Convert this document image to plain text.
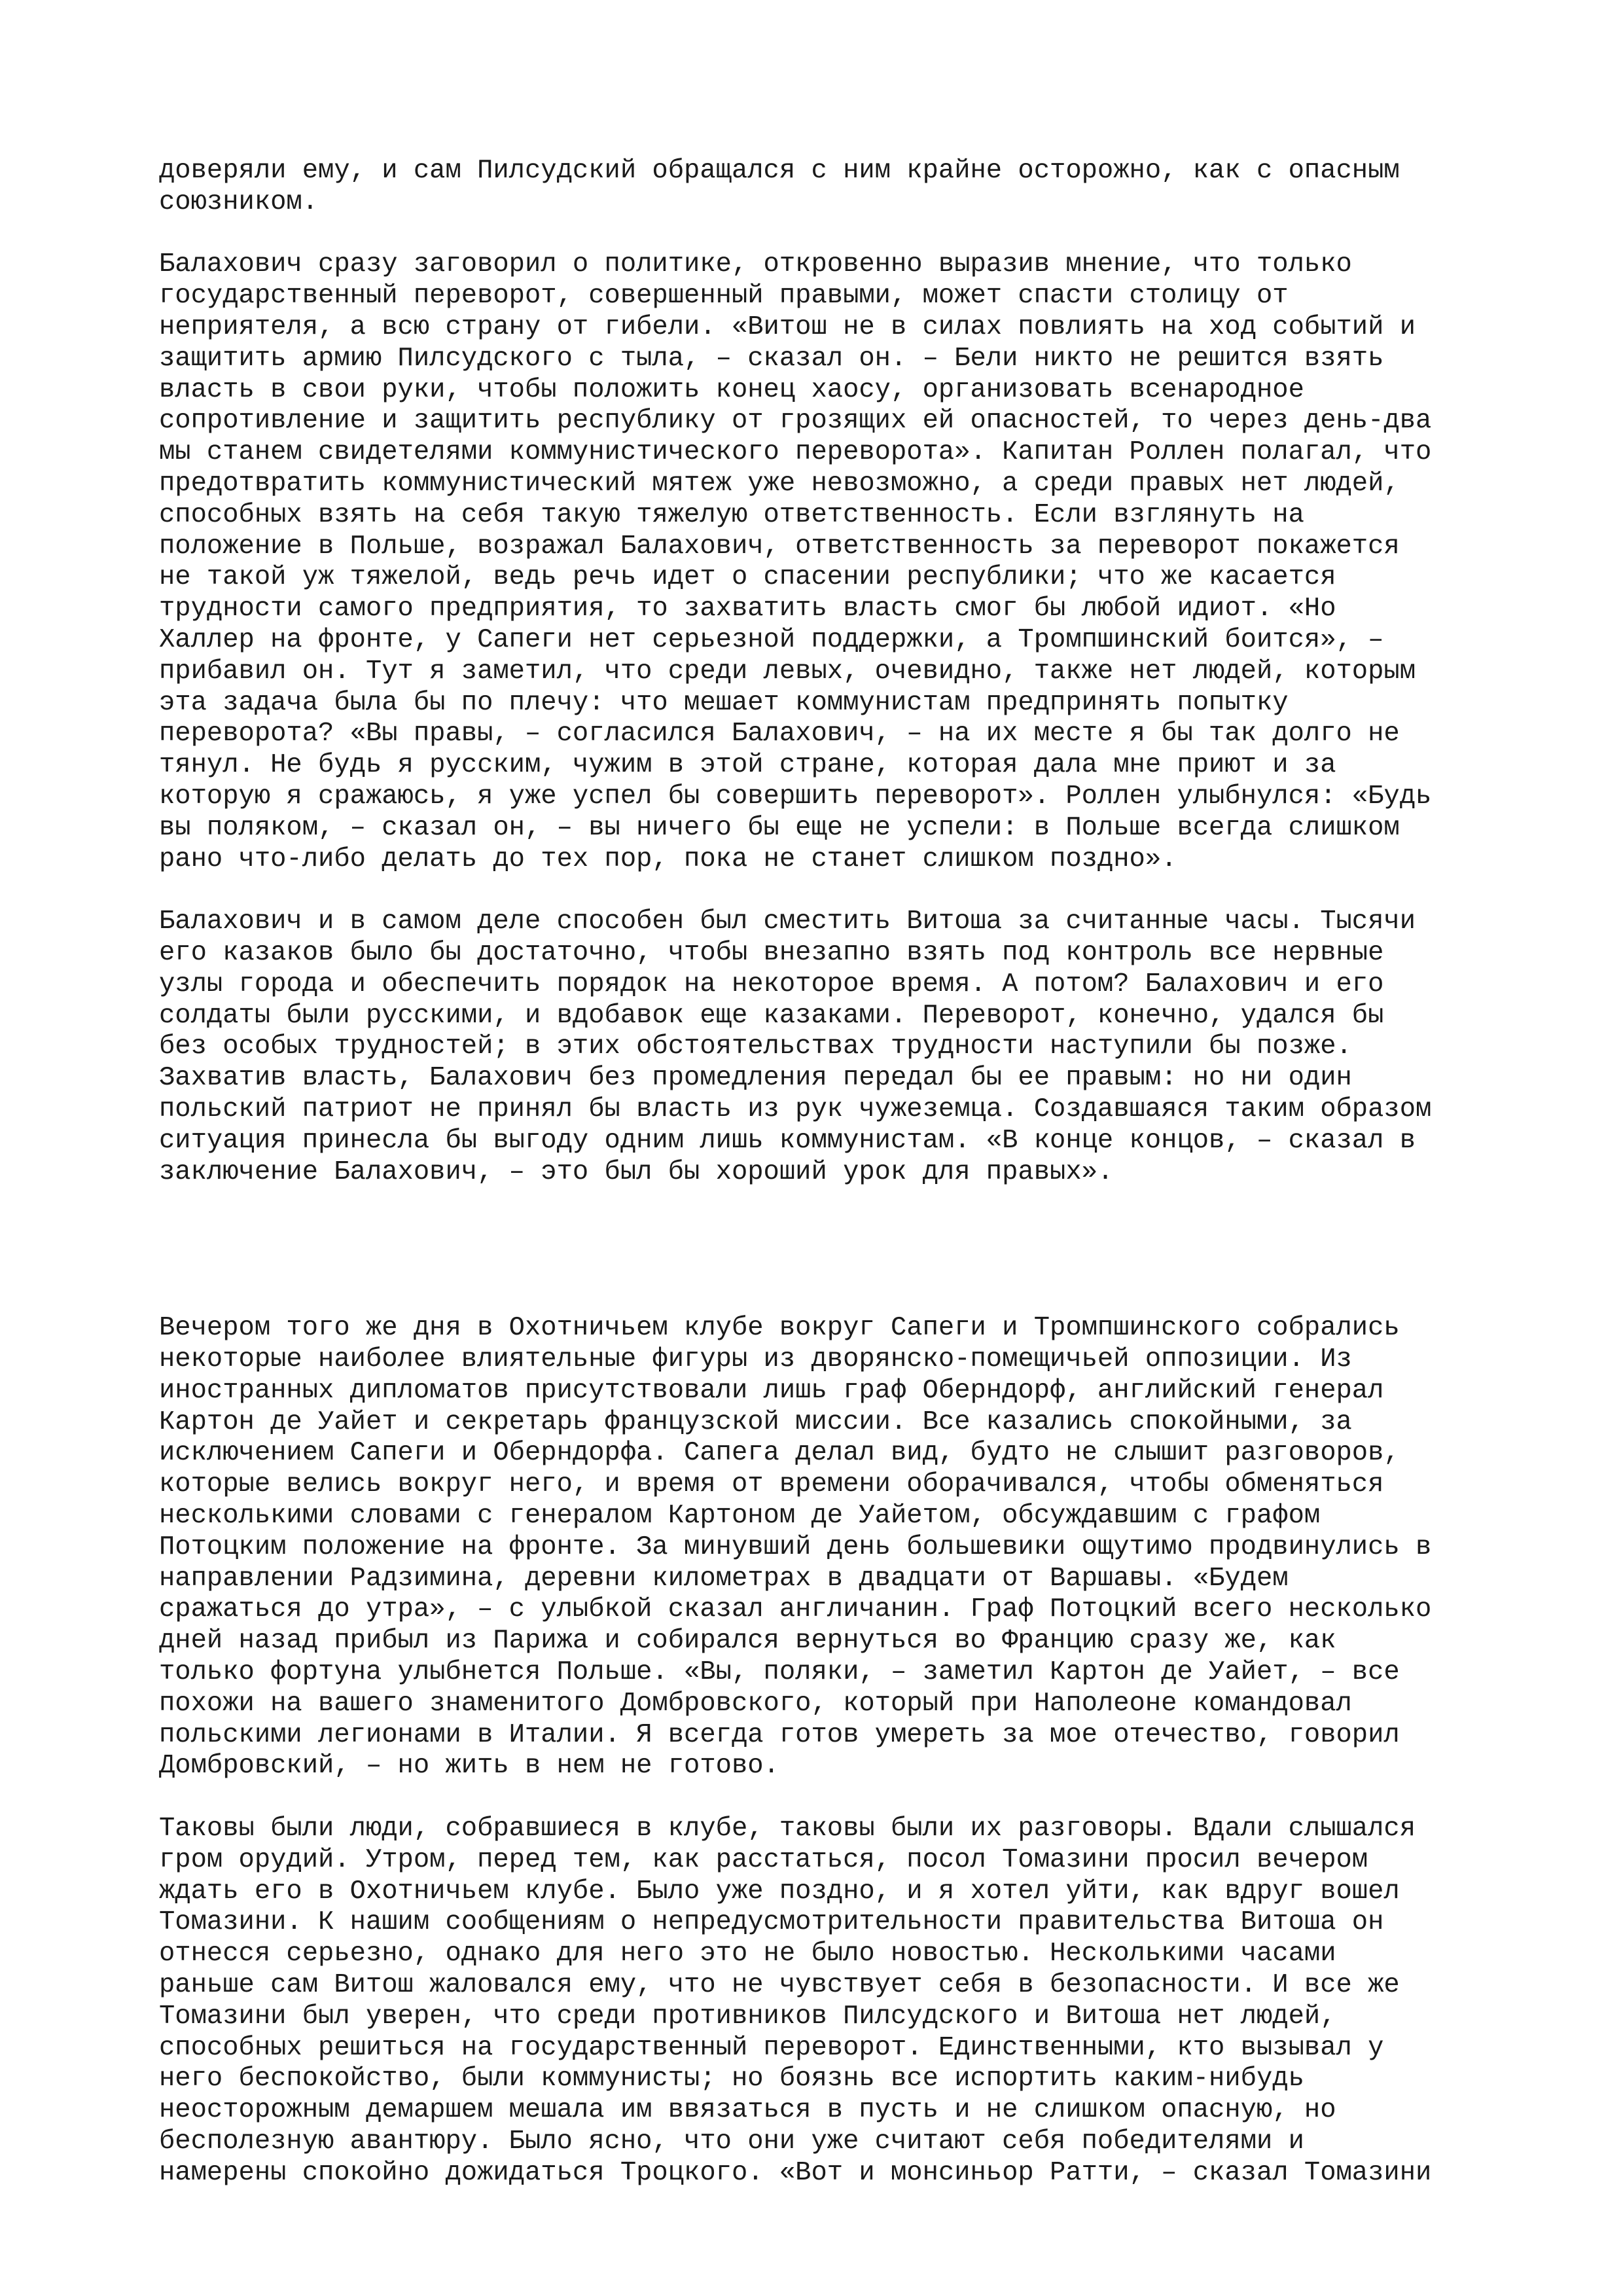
доверяли ему, и сам Пилсудский обращался с ним крайне осторожно, как с опасным
союзником.

Балахович сразу заговорил о политике, откровенно выразив мнение, что только
государственный переворот, совершенный правыми, может спасти столицу от
неприятеля, а всю страну от гибели. «Витош не в силах повлиять на ход событий и
защитить армию Пилсудского с тыла, – сказал он. – Бели никто не решится взять
власть в свои руки, чтобы положить конец хаосу, организовать всенародное
сопротивление и защитить республику от грозящих ей опасностей, то через день-два
мы станем свидетелями коммунистического переворота». Капитан Роллен полагал, что
предотвратить коммунистический мятеж уже невозможно, а среди правых нет людей,
способных взять на себя такую тяжелую ответственность. Если взглянуть на
положение в Польше, возражал Балахович, ответственность за переворот покажется
не такой уж тяжелой, ведь речь идет о спасении республики; что же касается
трудности самого предприятия, то захватить власть смог бы любой идиот. «Но
Халлер на фронте, у Сапеги нет серьезной поддержки, а Тромпшинский боится», –
прибавил он. Тут я заметил, что среди левых, очевидно, также нет людей, которым
эта задача была бы по плечу: что мешает коммунистам предпринять попытку
переворота? «Вы правы, – согласился Балахович, – на их месте я бы так долго не
тянул. Не будь я русским, чужим в этой стране, которая дала мне приют и за
которую я сражаюсь, я уже успел бы совершить переворот». Роллен улыбнулся: «Будь
вы поляком, – сказал он, – вы ничего бы еще не успели: в Польше всегда слишком
рано что-либо делать до тех пор, пока не станет слишком поздно».

Балахович и в самом деле способен был сместить Витоша за считанные часы. Тысячи
его казаков было бы достаточно, чтобы внезапно взять под контроль все нервные
узлы города и обеспечить порядок на некоторое время. А потом? Балахович и его
солдаты были русскими, и вдобавок еще казаками. Переворот, конечно, удался бы
без особых трудностей; в этих обстоятельствах трудности наступили бы позже.
Захватив власть, Балахович без промедления передал бы ее правым: но ни один
польский патриот не принял бы власть из рук чужеземца. Создавшаяся таким образом
ситуация принесла бы выгоду одним лишь коммунистам. «В конце концов, – сказал в
заключение Балахович, – это был бы хороший урок для правых».

Вечером того же дня в Охотничьем клубе вокруг Сапеги и Тромпшинского собрались
некоторые наиболее влиятельные фигуры из дворянско-помещичьей оппозиции. Из
иностранных дипломатов присутствовали лишь граф Оберндорф, английский генерал
Картон де Уайет и секретарь французской миссии. Все казались спокойными, за
исключением Сапеги и Оберндорфа. Сапега делал вид, будто не слышит разговоров,
которые велись вокруг него, и время от времени оборачивался, чтобы обменяться
несколькими словами с генералом Картоном де Уайетом, обсуждавшим с графом
Потоцким положение на фронте. За минувший день большевики ощутимо продвинулись в
направлении Радзимина, деревни километрах в двадцати от Варшавы. «Будем
сражаться до утра», – с улыбкой сказал англичанин. Граф Потоцкий всего несколько
дней назад прибыл из Парижа и собирался вернуться во Францию сразу же, как
только фортуна улыбнется Польше. «Вы, поляки, – заметил Картон де Уайет, – все
похожи на вашего знаменитого Домбровского, который при Наполеоне командовал
польскими легионами в Италии. Я всегда готов умереть за мое отечество, говорил
Домбровский, – но жить в нем не готово.

Таковы были люди, собравшиеся в клубе, таковы были их разговоры. Вдали слышался
гром орудий. Утром, перед тем, как расстаться, посол Томазини просил вечером
ждать его в Охотничьем клубе. Было уже поздно, и я хотел уйти, как вдруг вошел
Томазини. К нашим сообщениям о непредусмотрительности правительства Витоша он
отнесся серьезно, однако для него это не было новостью. Несколькими часами
раньше сам Витош жаловался ему, что не чувствует себя в безопасности. И все же
Томазини был уверен, что среди противников Пилсудского и Витоша нет людей,
способных решиться на государственный переворот. Единственными, кто вызывал у
него беспокойство, были коммунисты; но боязнь все испортить каким-нибудь
неосторожным демаршем мешала им ввязаться в пусть и не слишком опасную, но
бесполезную авантюру. Было ясно, что они уже считают себя победителями и
намерены спокойно дожидаться Троцкого. «Вот и монсиньор Ратти, – сказал Томазини
